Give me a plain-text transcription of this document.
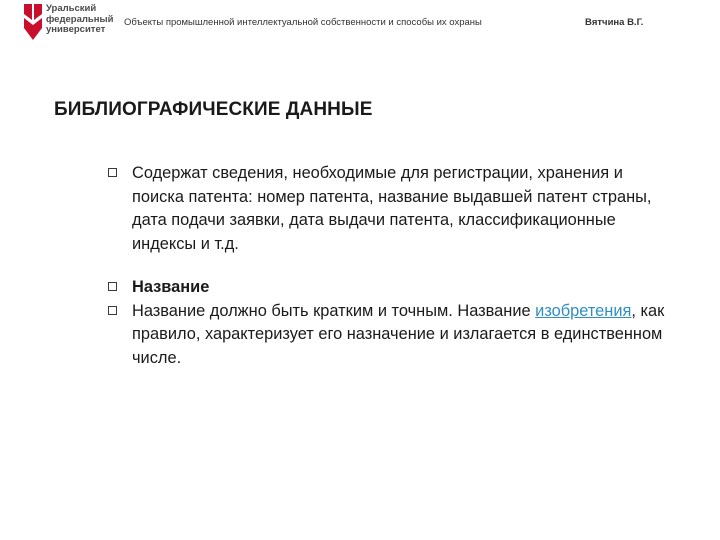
Уральский
федеральный
университет
Объекты промышленной интеллектуальной собственности и способы их охраны	Вятчина В.Г.
БИБЛИОГРАФИЧЕСКИЕ ДАННЫЕ
Содержат сведения, необходимые для регистрации, хранения и поиска патента: номер патента, название выдавшей патент страны, дата подачи заявки, дата выдачи патента, классификационные индексы и т.д.
Название
Название должно быть кратким и точным. Название изобретения, как правило, характеризует его назначение и излагается в единственном числе.
